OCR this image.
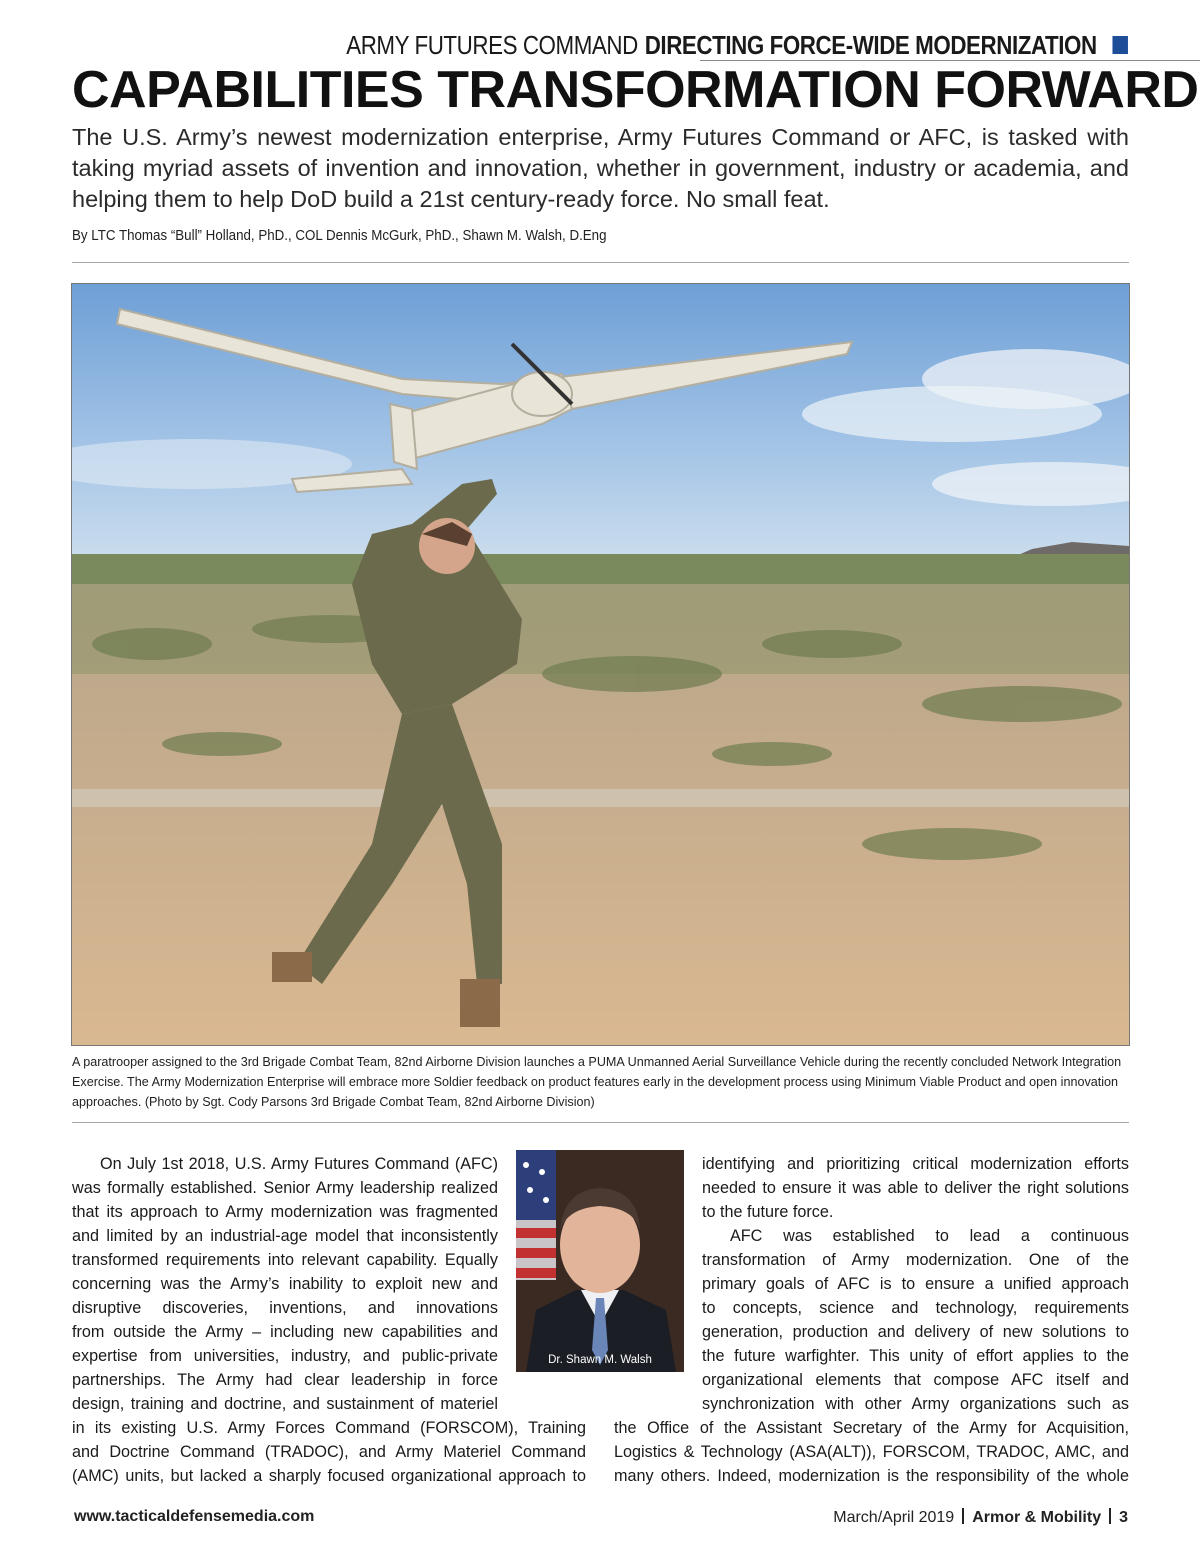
ARMY FUTURES COMMAND DIRECTING FORCE-WIDE MODERNIZATION
CAPABILITIES TRANSFORMATION FORWARD

The U.S. Army’s newest modernization enterprise, Army Futures Command or AFC, is tasked with taking myriad assets of invention and innovation, whether in government, industry or academia, and helping them to help DoD build a 21st century-ready force. No small feat.

By LTC Thomas “Bull” Holland, PhD., COL Dennis McGurk, PhD., Shawn M. Walsh, D.Eng

A paratrooper assigned to the 3rd Brigade Combat Team, 82nd Airborne Division launches a PUMA Unmanned Aerial Surveillance Vehicle during the recently concluded Network Integration Exercise. The Army Modernization Enterprise will embrace more Soldier feedback on product features early in the development process using Minimum Viable Product and open innovation approaches. (Photo by Sgt. Cody Parsons 3rd Brigade Combat Team, 82nd Airborne Division)

On July 1st 2018, U.S. Army Futures Command (AFC)
was formally established. Senior Army leadership realized
that its approach to Army modernization was fragmented
and limited by an industrial-age model that inconsistently
transformed requirements into relevant capability. Equally
concerning was the Army’s inability to exploit new and
disruptive discoveries, inventions, and innovations
from outside the Army – including new capabilities and
expertise from universities, industry, and public-private
partnerships. The Army had clear leadership in force
design, training and doctrine, and sustainment of materiel
in its existing U.S. Army Forces Command (FORSCOM), Training
and Doctrine Command (TRADOC), and Army Materiel Command
(AMC) units, but lacked a sharply focused organizational approach to
Dr. Shawn M. Walsh
identifying and prioritizing critical modernization efforts
needed to ensure it was able to deliver the right solutions
to the future force.
AFC was established to lead a continuous
transformation of Army modernization. One of the
primary goals of AFC is to ensure a unified approach
to concepts, science and technology, requirements
generation, production and delivery of new solutions to
the future warfighter. This unity of effort applies to the
organizational elements that compose AFC itself and
synchronization with other Army organizations such as
the Office of the Assistant Secretary of the Army for Acquisition,
Logistics & Technology (ASA(ALT)), FORSCOM, TRADOC, AMC, and
many others. Indeed, modernization is the responsibility of the whole
www.tacticaldefensemedia.com	March/April 2019 Armor & Mobility 3
